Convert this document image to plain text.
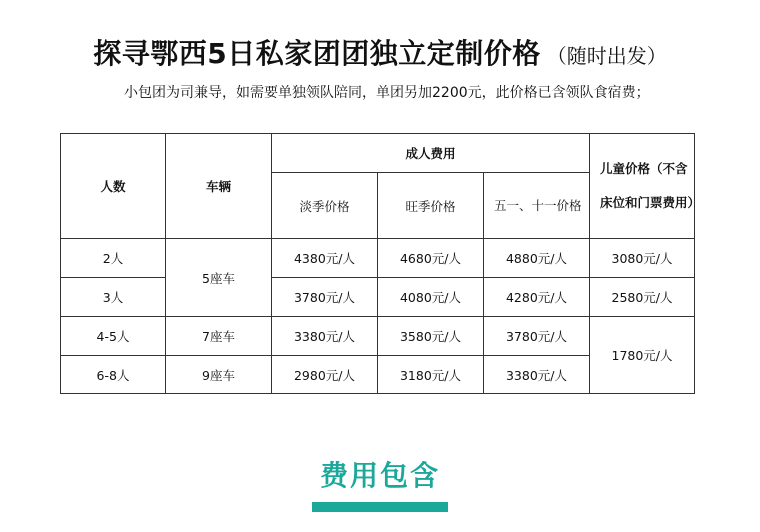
探寻鄂西5日私家团团独立定制价格 （随时出发）
小包团为司兼导，如需要单独领队陪同，单团另加2200元，此价格已含领队食宿费；
人数	车辆	成人费用			儿童价格（不含床位和门票费用）
		淡季价格	旺季价格	五一、十一价格	
2人	5座车	4380元/人	4680元/人	4880元/人	3080元/人
3人		3780元/人	4080元/人	4280元/人	2580元/人
4-5人	7座车	3380元/人	3580元/人	3780元/人	1780元/人
6-8人	9座车	2980元/人	3180元/人	3380元/人	
费用包含
